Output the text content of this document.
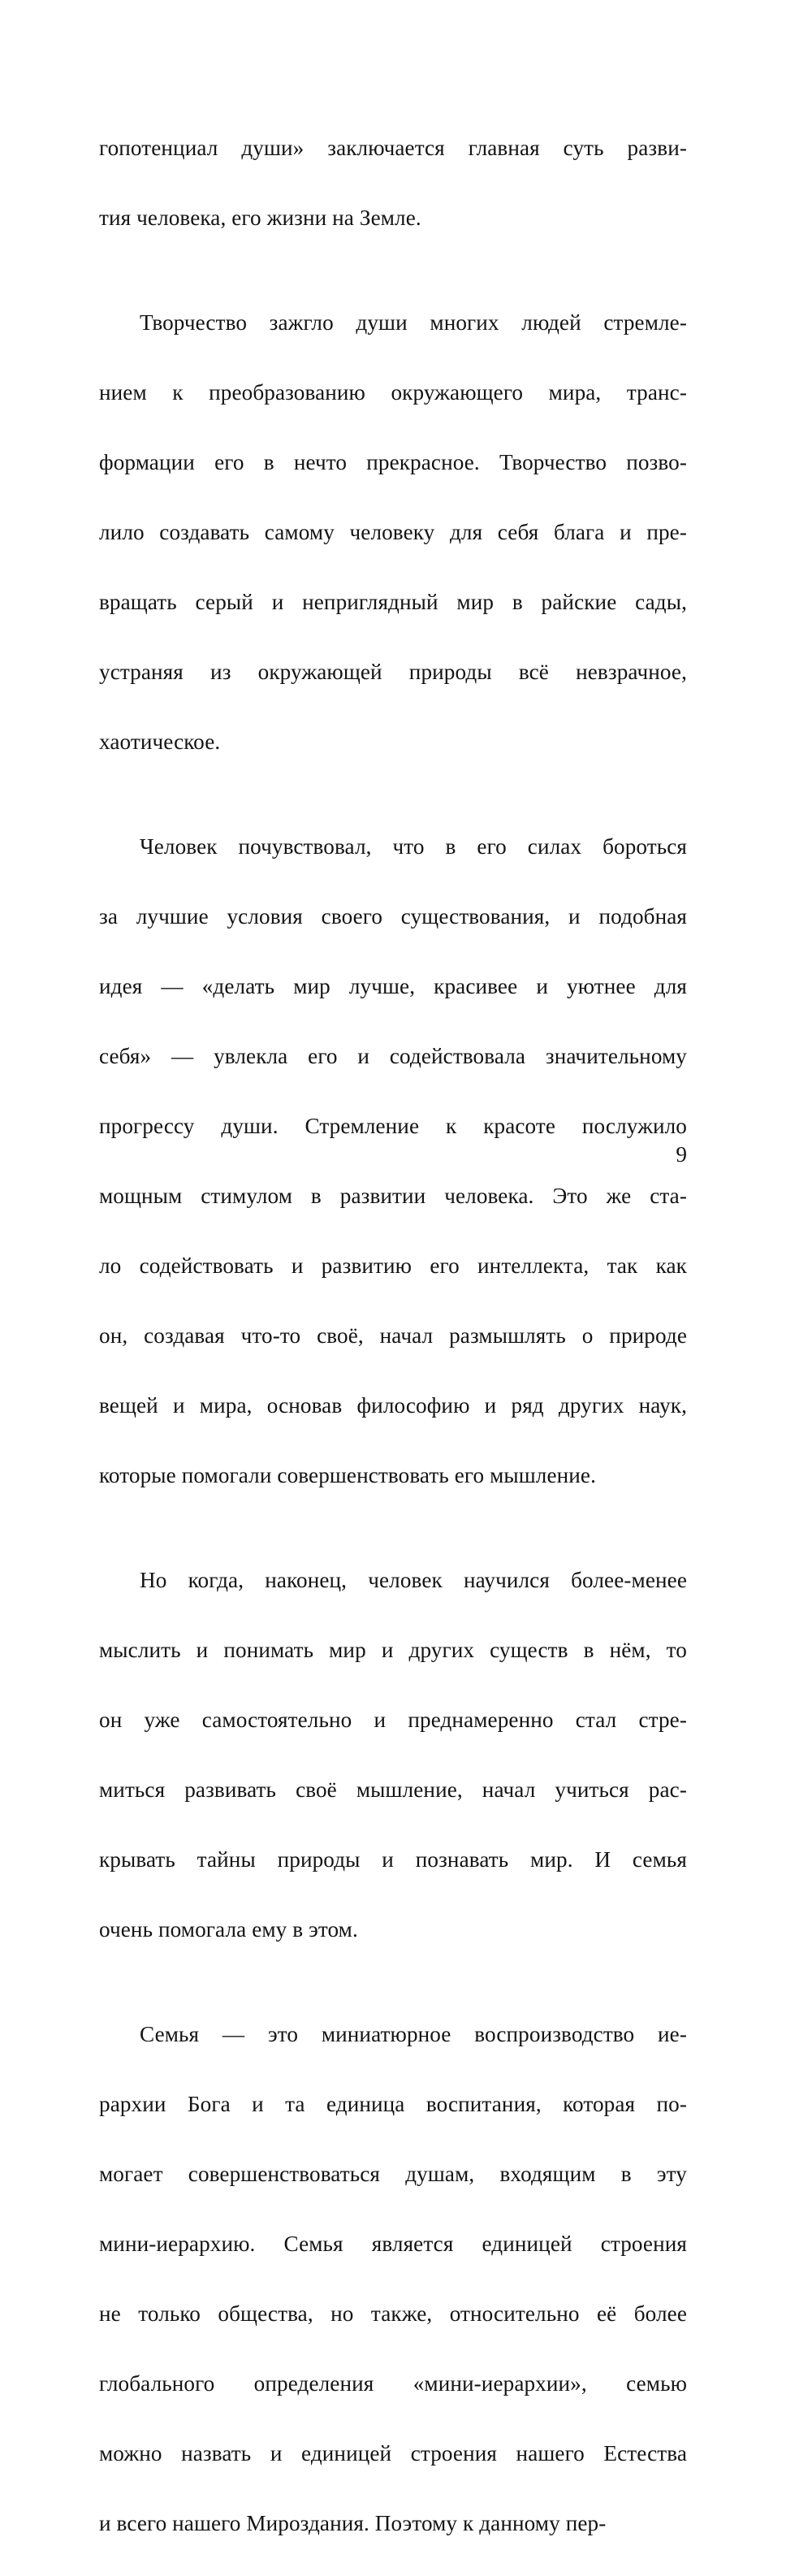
гопотенциал души» заключается главная суть разви-

тия человека, его жизни на Земле.

Творчество зажгло души многих людей стремле-

нием к преобразованию окружающего мира, транс-

формации его в нечто прекрасное. Творчество позво-

лило создавать самому человеку для себя блага и пре-

вращать серый и неприглядный мир в райские сады,

устраняя из окружающей природы всё невзрачное,

хаотическое.

Человек почувствовал, что в его силах бороться

за лучшие условия своего существования, и подобная

идея — «делать мир лучше, красивее и уютнее для

себя» — увлекла его и содействовала значительному

прогрессу души. Стремление к красоте послужило

мощным стимулом в развитии человека. Это же ста-

ло содействовать и развитию его интеллекта, так как

он, создавая что-то своё, начал размышлять о природе

вещей и мира, основав философию и ряд других наук,

которые помогали совершенствовать его мышление.

Но когда, наконец, человек научился более-менее

мыслить и понимать мир и других существ в нём, то

он уже самостоятельно и преднамеренно стал стре-

миться развивать своё мышление, начал учиться рас-

крывать тайны природы и познавать мир. И семья

очень помогала ему в этом.

Семья — это миниатюрное воспроизводство ие-

рархии Бога и та единица воспитания, которая по-

могает совершенствоваться душам, входящим в эту

мини-иерархию. Семья является единицей строения

не только общества, но также, относительно её более

глобального определения «мини-иерархии», семью

можно назвать и единицей строения нашего Естества

и всего нашего Мироздания. Поэтому к данному пер-

9
